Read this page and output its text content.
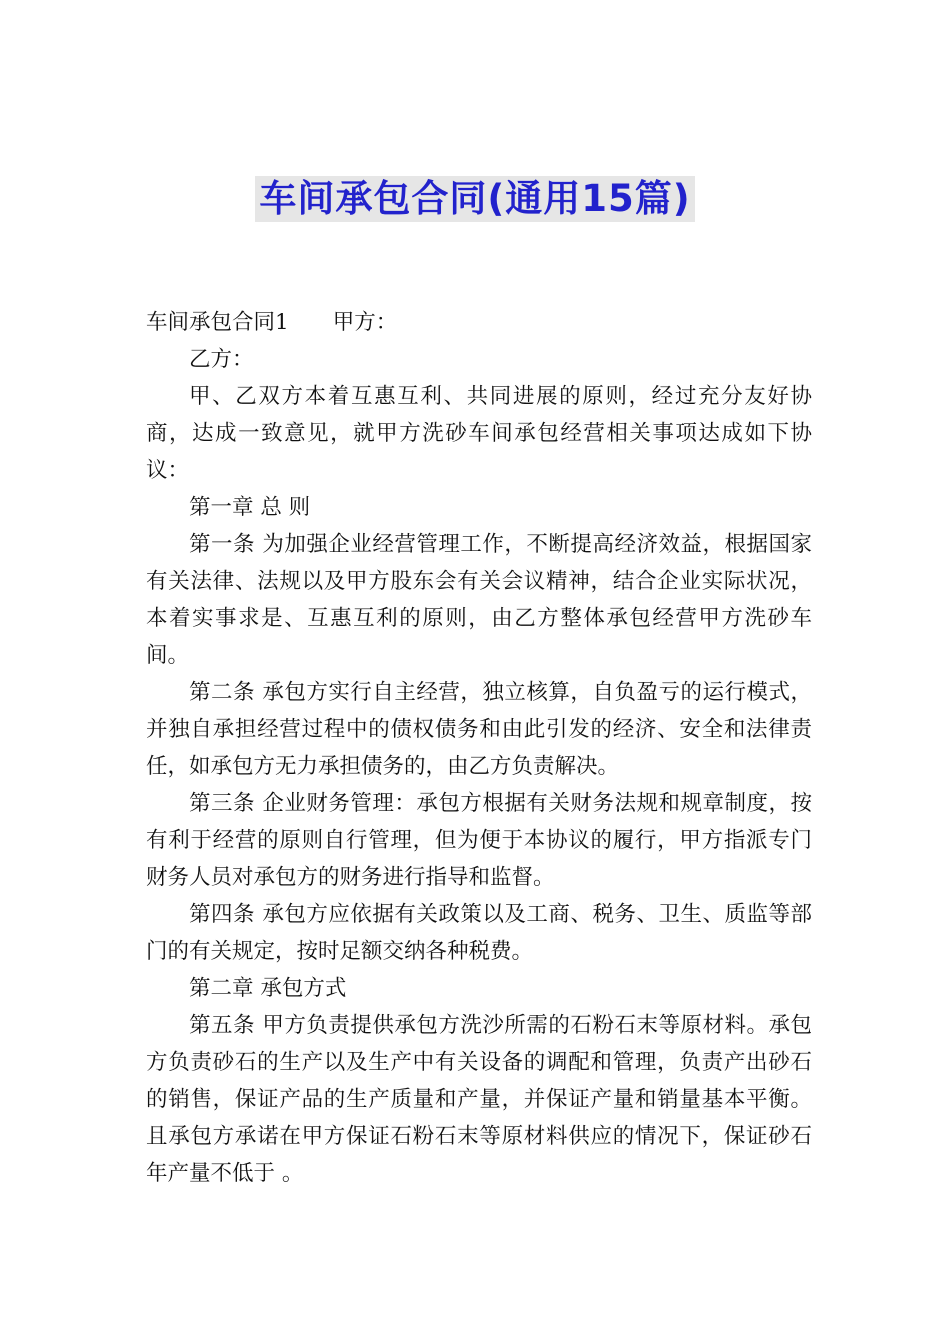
车间承包合同(通用15篇)

车间承包合同1 甲方：

乙方：

甲、乙双方本着互惠互利、共同进展的原则，经过充分友好协商，达成一致意见，就甲方洗砂车间承包经营相关事项达成如下协议：

第一章 总 则

第一条 为加强企业经营管理工作，不断提高经济效益，根据国家有关法律、法规以及甲方股东会有关会议精神，结合企业实际状况，本着实事求是、互惠互利的原则，由乙方整体承包经营甲方洗砂车间。

第二条 承包方实行自主经营，独立核算，自负盈亏的运行模式，并独自承担经营过程中的债权债务和由此引发的经济、安全和法律责任，如承包方无力承担债务的，由乙方负责解决。

第三条 企业财务管理：承包方根据有关财务法规和规章制度，按有利于经营的原则自行管理，但为便于本协议的履行，甲方指派专门财务人员对承包方的财务进行指导和监督。

第四条 承包方应依据有关政策以及工商、税务、卫生、质监等部门的有关规定，按时足额交纳各种税费。

第二章 承包方式

第五条 甲方负责提供承包方洗沙所需的石粉石末等原材料。承包方负责砂石的生产以及生产中有关设备的调配和管理，负责产出砂石的销售，保证产品的生产质量和产量，并保证产量和销量基本平衡。且承包方承诺在甲方保证石粉石末等原材料供应的情况下，保证砂石年产量不低于 。
